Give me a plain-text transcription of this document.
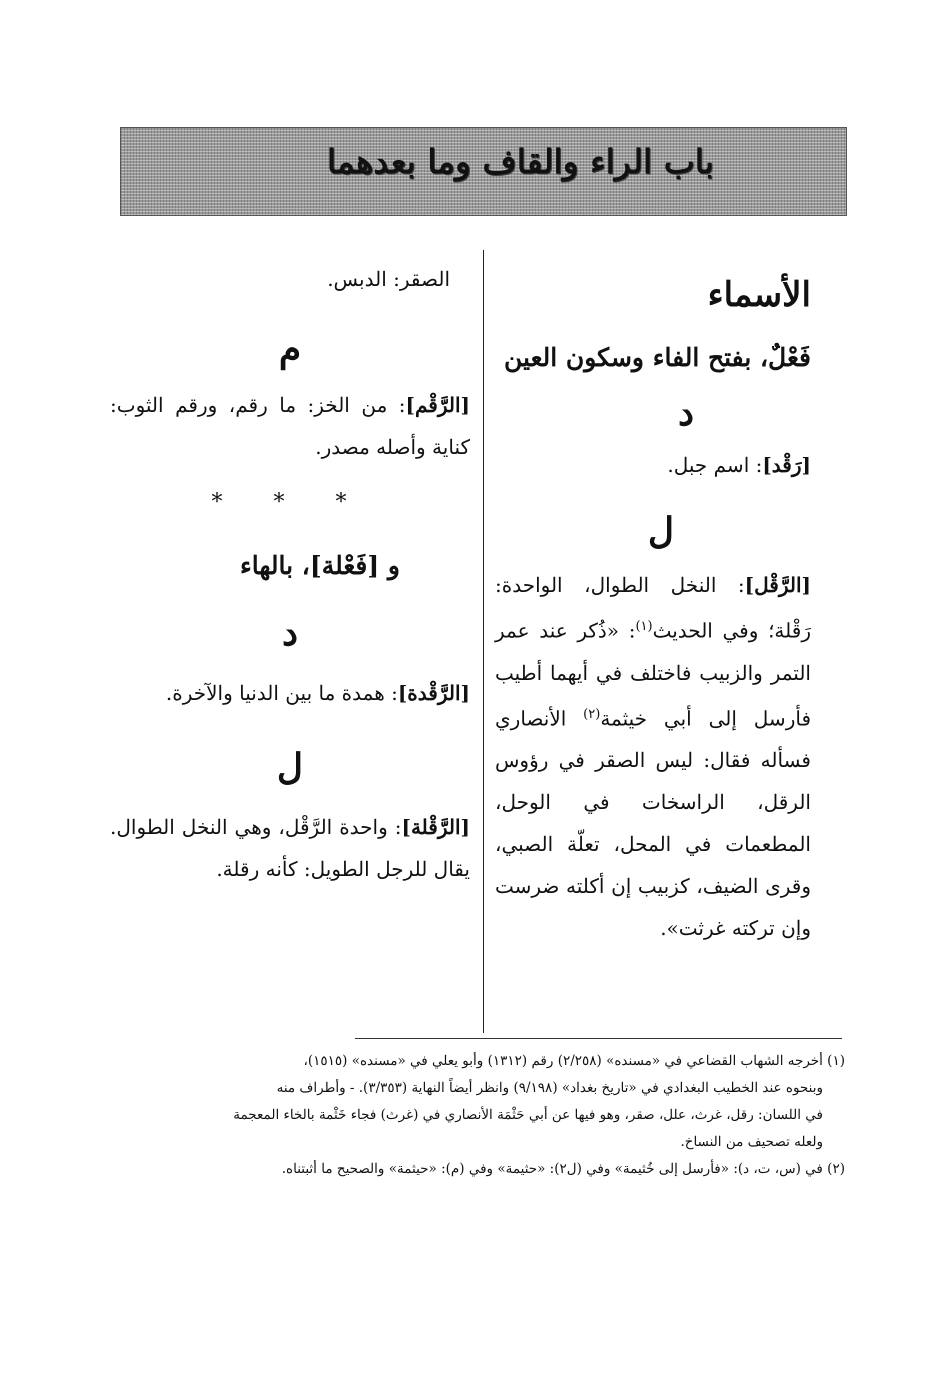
باب الراء والقاف وما بعدهما
الأسماء
فَعْلٌ، بفتح الفاء وسكون العين
د

[رَقْد]: اسم جبل.

ل

[الرَّقْل]: النخل الطوال، الواحدة: رَقْلة؛ وفي الحديث$^{(١)}$: «ذُكر عند عمر التمر والزبيب فاختلف في أيهما أطيب فأرسل إلى أبي خيثمة$^{(٢)}$ الأنصاري فسأله فقال: ليس الصقر في رؤوس الرقل، الراسخات في الوحل، المطعمات في المحل، تعلّة الصبي، وقرى الضيف، كزبيب إن أكلته ضرست وإن تركته غرثت».

الصقر: الدبس.

م

[الرَّقْم]: من الخز: ما رقم، ورقم الثوب: كناية وأصله مصدر.

* * *
و [فَعْلة]، بالهاء
د

[الرَّقْدة]: همدة ما بين الدنيا والآخرة.

ل

[الرَّقْلة]: واحدة الرَّقْل، وهي النخل الطوال. يقال للرجل الطويل: كأنه رقلة.

(١) أخرجه الشهاب القضاعي في «مسنده» (٢/٢٥٨) رقم (١٣١٢) وأبو يعلي في «مسنده» (١٥١٥)،

وبنحوه عند الخطيب البغدادي في «تاريخ بغداد» (٩/١٩٨) وانظر أيضاً النهاية (٣/٣٥٣). - وأطراف منه

في اللسان: رقل، غرث، علل، صقر، وهو فيها عن أبي حَثْمَة الأنصاري في (غرث) فجاء خَثْمة بالخاء المعجمة

ولعله تصحيف من النساخ.

(٢) في (س، ت، د): «فأرسل إلى خُثيمة» وفي (ل٢): «حثيمة» وفي (م): «حيثمة» والصحيح ما أثبتناه.
